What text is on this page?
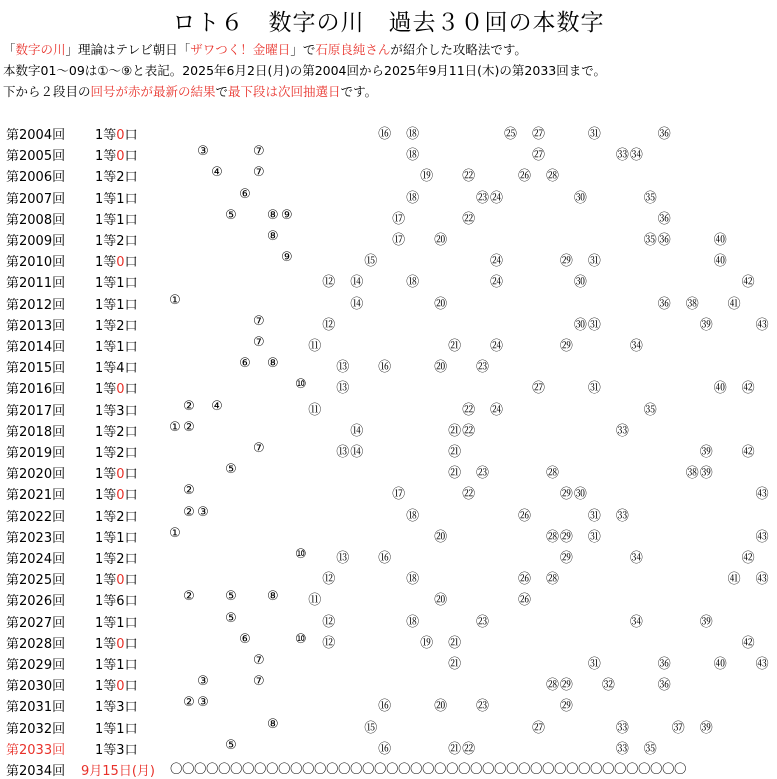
ロト６　数字の川　過去３０回の本数字
「数字の川」理論はテレビ朝日「ザワつく！金曜日」で石原良純さんが紹介した攻略法です。
本数字01〜09は①〜⑨と表記。2025年6月2日(月)の第2004回から2025年9月11日(木)の第2033回まで。
下から２段目の回号が赤が最新の結果で最下段は次回抽選日です。
第2004回 1等0口	⑯ ⑱	㉕ ㉗	㉛	㊱
第2005回 1等0口	③	⑦	⑱	㉗	㉝ ㉞
第2006回 1等2口	④ ⑦	⑲ ㉒	㉖ ㉘
第2007回 1等1口	⑥	⑱	㉓ ㉔	㉚	㉟
第2008回 1等1口	⑤ ⑧ ⑨	⑰	㉒	㊱
第2009回 1等2口	⑧	⑰ ⑳	㉟ ㊱	㊵
第2010回 1等0口	⑨	⑮	㉔	㉙ ㉛	㊵
第2011回 1等1口	⑫ ⑭	⑱	㉔	㉚	㊷
第2012回 1等1口 ①	⑭	⑳	㊱ ㊳ ㊶
第2013回 1等2口	⑦	⑫	㉚ ㉛	㊴	㊸
第2014回 1等1口	⑦	⑪	㉑ ㉔	㉙	㉞
第2015回 1等4口	⑥ ⑧	⑬ ⑯	⑳ ㉓
第2016回 1等0口	⑩ ⑬	㉗	㉛	㊵ ㊷
第2017回 1等3口	② ④	⑪	㉒ ㉔	㉟
第2018回 1等2口 ① ②	⑭	㉑ ㉒	㉝
第2019回 1等2口	⑦	⑬ ⑭	㉑	㊴ ㊷
第2020回 1等0口	⑤	㉑ ㉓	㉘	㊳ ㊴
第2021回 1等0口	②	⑰	㉒	㉙ ㉚	㊸
第2022回 1等2口	② ③	⑱	㉖	㉛ ㉝
第2023回 1等1口 ①	⑳	㉘ ㉙ ㉛	㊸
第2024回 1等2口	⑩ ⑬ ⑯	㉙	㉞	㊷
第2025回 1等0口	⑫	⑱	㉖ ㉘	㊶ ㊸
第2026回 1等6口	② ⑤ ⑧ ⑪	⑳	㉖
第2027回 1等1口	⑤	⑫	⑱	㉓	㉞	㊴
第2028回 1等0口	⑥	⑩ ⑫	⑲ ㉑	㊷
第2029回 1等1口	⑦	㉑	㉛	㊱	㊵ ㊸
第2030回 1等0口	③	⑦	㉘ ㉙ ㉜	㊱
第2031回 1等3口	② ③	⑯	⑳ ㉓	㉙
第2032回 1等1口	⑧	⑮	㉗	㉝	㊲ ㊴
第2033回 1等3口	⑤	⑯	㉑ ㉒	㉝ ㉟
第2034回 9月15日(月) 〇〇〇〇〇〇〇〇〇〇〇〇〇〇〇〇〇〇〇〇〇〇〇〇〇〇〇〇〇〇〇〇〇〇〇〇〇〇〇〇〇〇〇
